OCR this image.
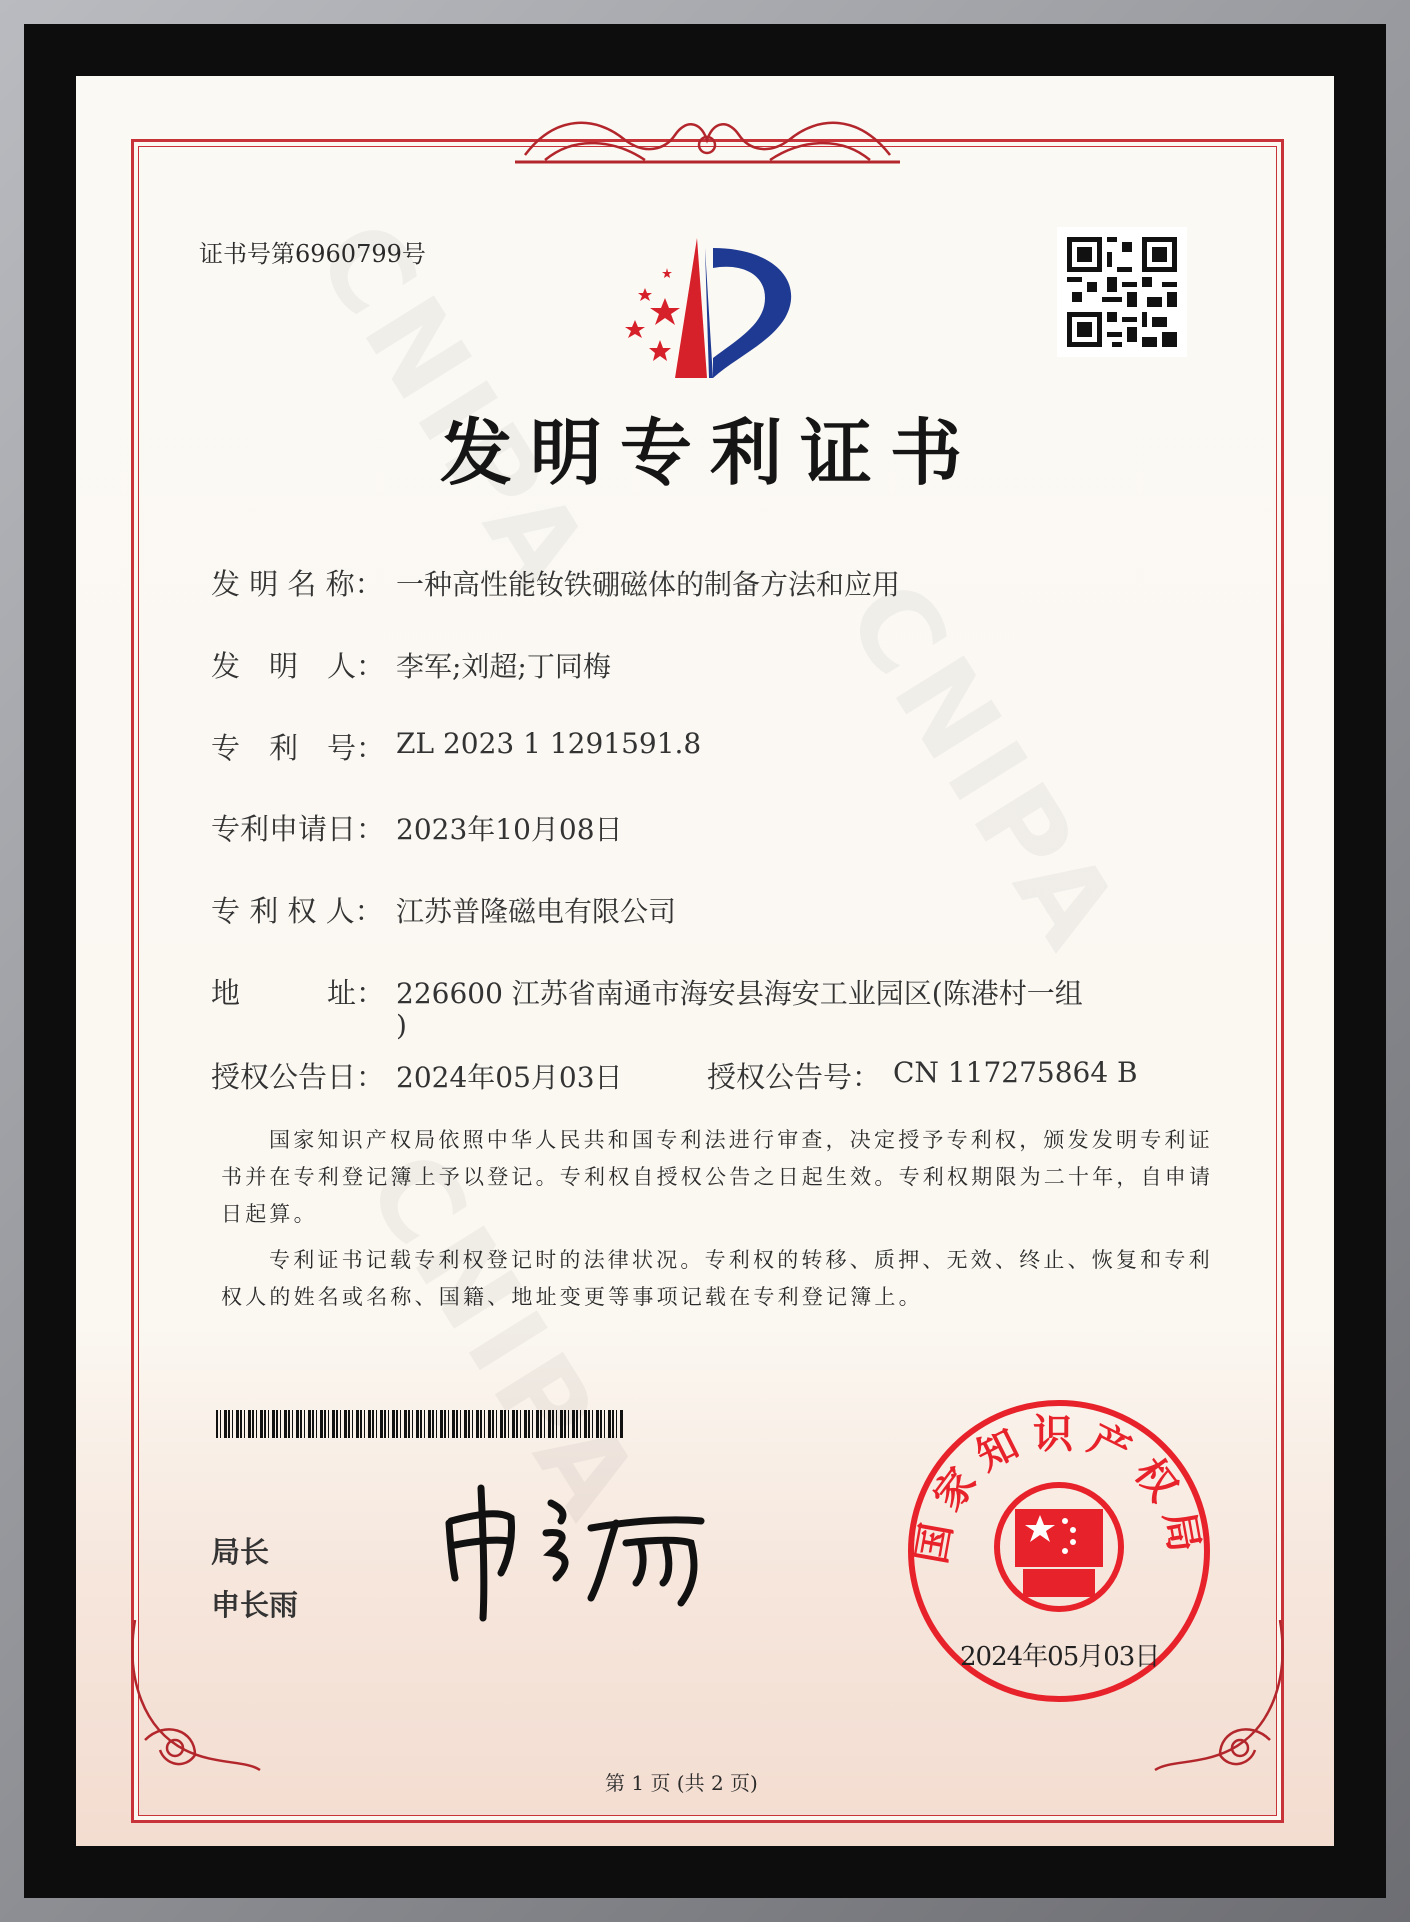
证书号第6960799号
发明专利证书
发 明 名 称： 一种高性能钕铁硼磁体的制备方法和应用
发　明　人： 李军;刘超;丁同梅
专　利　号： ZL 2023 1 1291591.8
专利申请日： 2023年10月08日
专 利 权 人： 江苏普隆磁电有限公司
地　　　址： 226600 江苏省南通市海安县海安工业园区(陈港村一组
)
授权公告日： 2024年05月03日	授权公告号： CN 117275864 B
国家知识产权局依照中华人民共和国专利法进行审查，决定授予专利权，颁发发明专利证书并在专利登记簿上予以登记。专利权自授权公告之日起生效。专利权期限为二十年，自申请日起算。
专利证书记载专利权登记时的法律状况。专利权的转移、质押、无效、终止、恢复和专利权人的姓名或名称、国籍、地址变更等事项记载在专利登记簿上。
局长
申长雨
国家知识产权局
2024年05月03日
第 1 页 (共 2 页)
